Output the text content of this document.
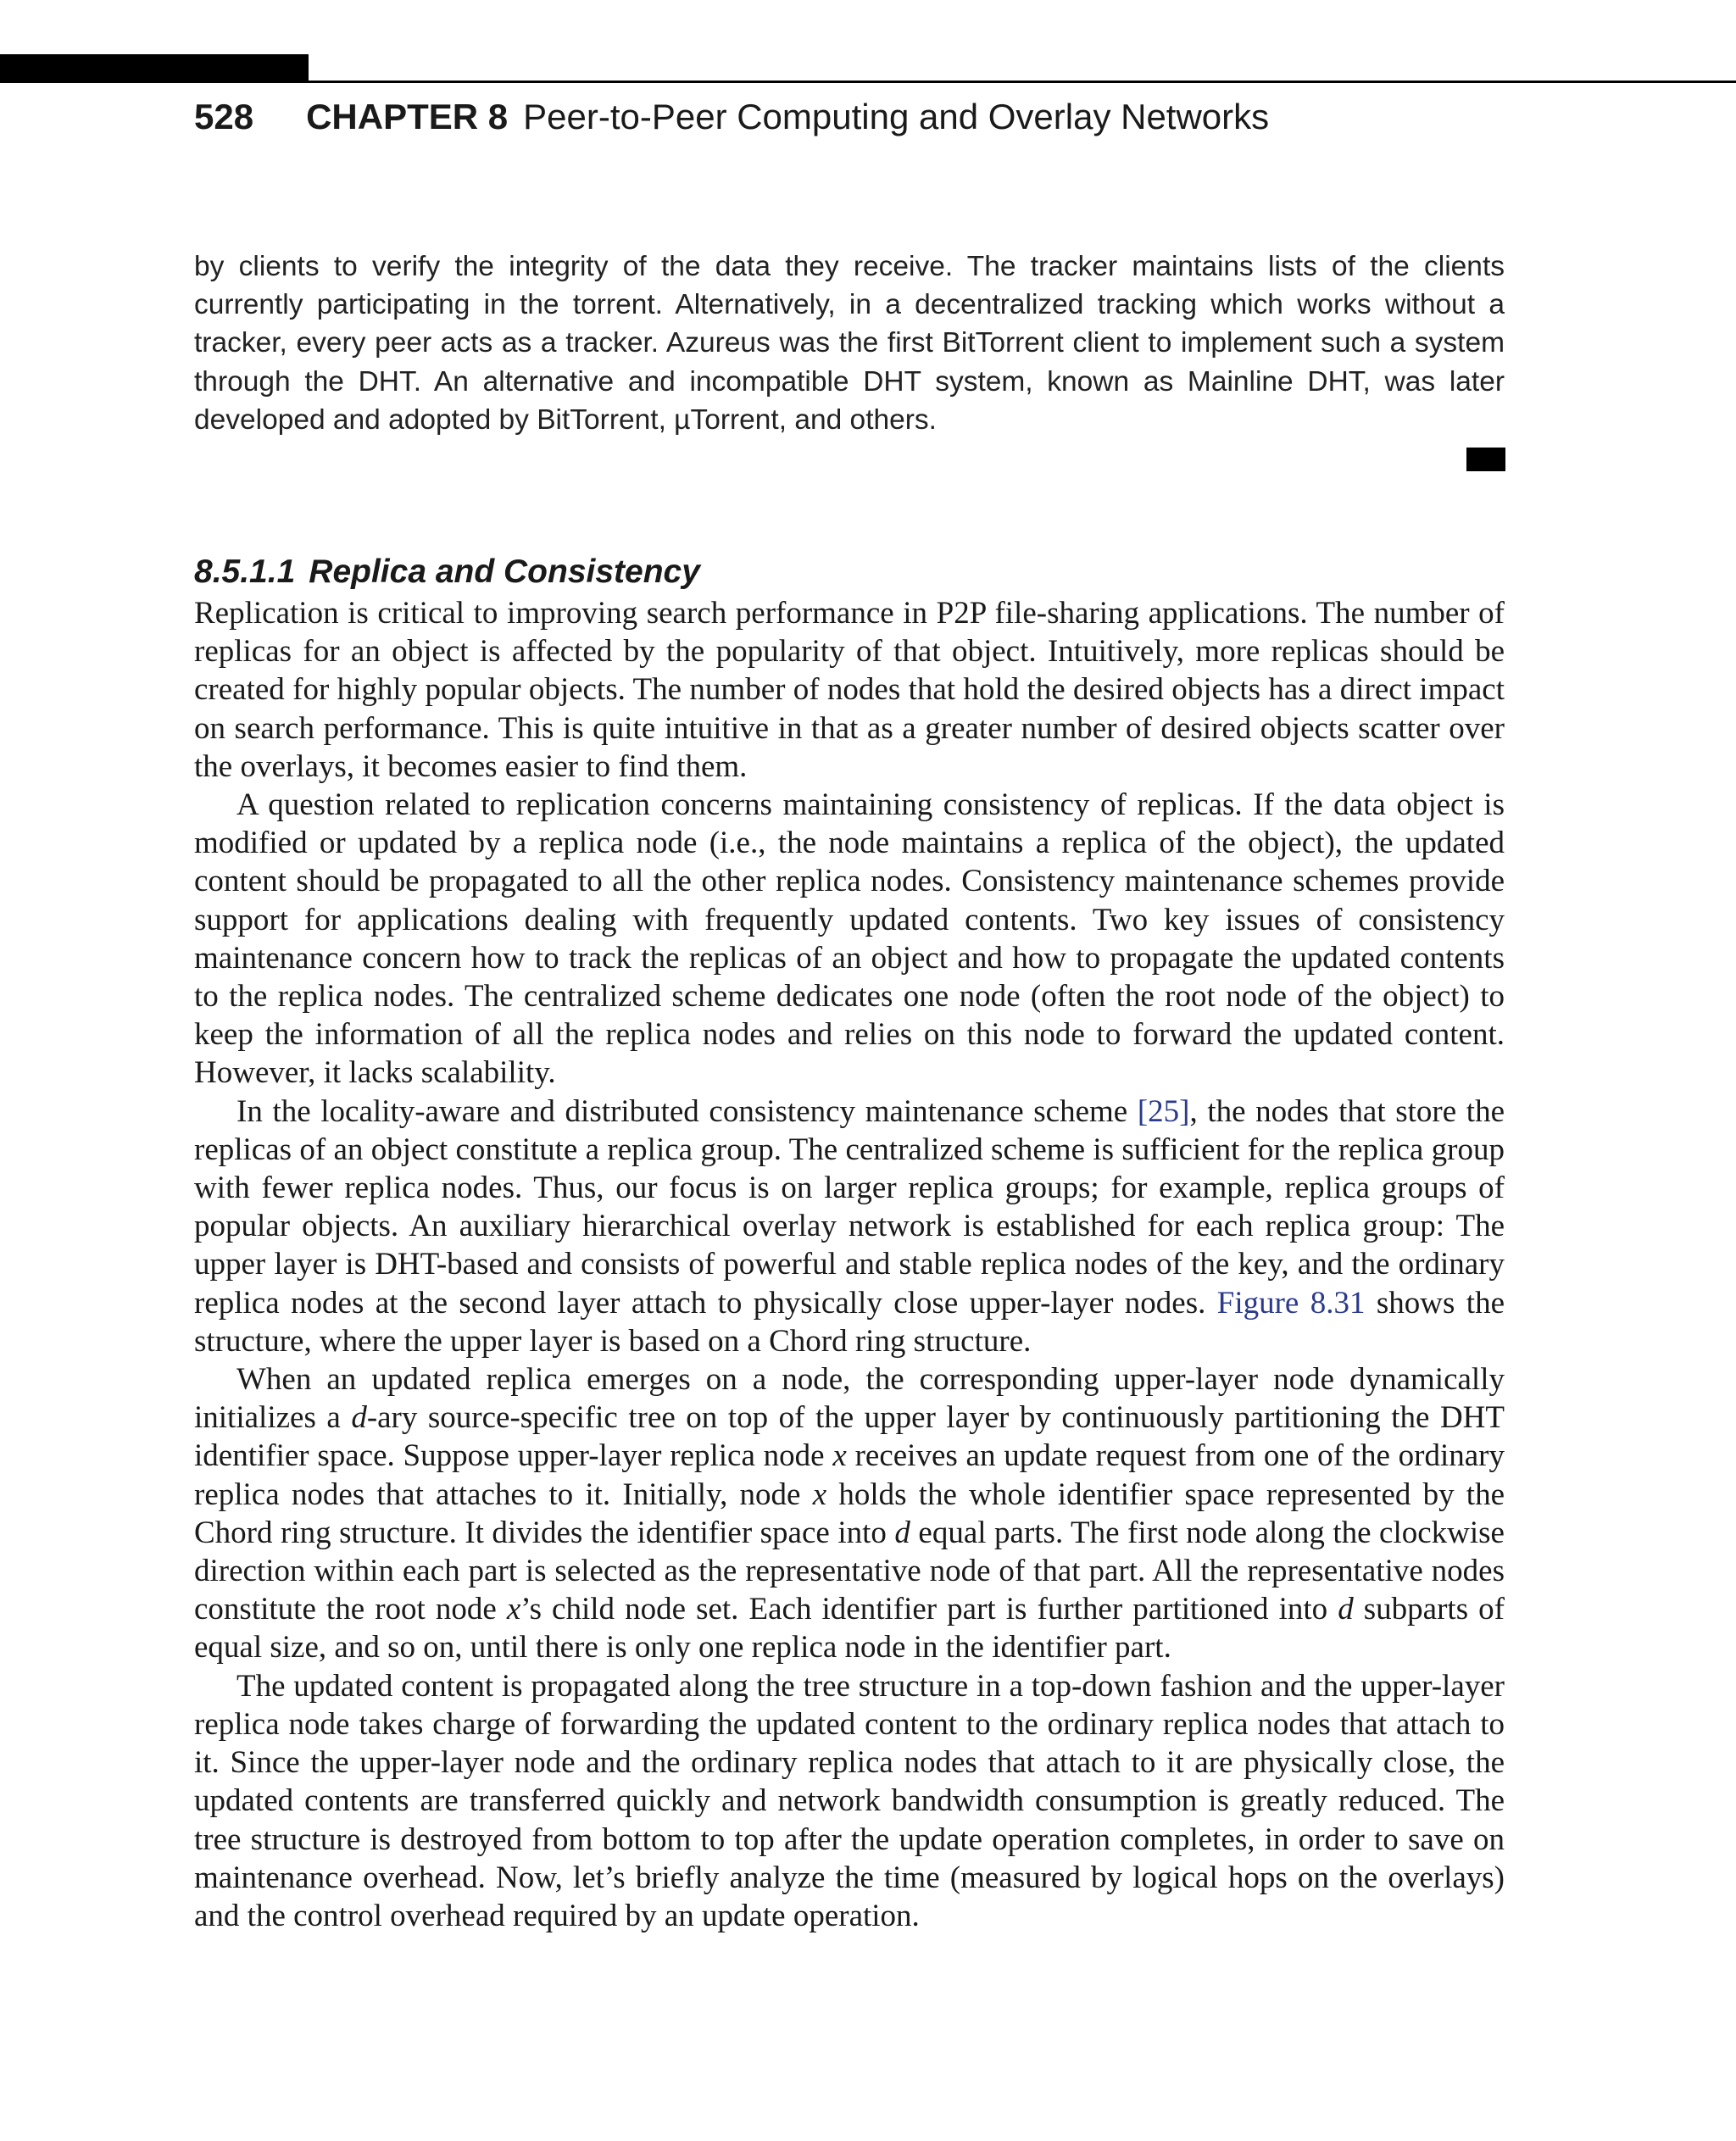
528 CHAPTER 8 Peer-to-Peer Computing and Overlay Networks
by clients to verify the integrity of the data they receive. The tracker maintains lists of the clients currently participating in the torrent. Alternatively, in a decentralized tracking which works without a tracker, every peer acts as a tracker. Azureus was the first BitTorrent client to implement such a system through the DHT. An alternative and incompatible DHT system, known as Mainline DHT, was later developed and adopted by BitTorrent, µTorrent, and others.
8.5.1.1 Replica and Consistency

Replication is critical to improving search performance in P2P file-sharing applications. The number of replicas for an object is affected by the popularity of that object. Intuitively, more replicas should be created for highly popular objects. The number of nodes that hold the desired objects has a direct impact on search performance. This is quite intuitive in that as a greater number of desired objects scatter over the overlays, it becomes easier to find them.

A question related to replication concerns maintaining consistency of replicas. If the data object is modified or updated by a replica node (i.e., the node maintains a replica of the object), the updated content should be propagated to all the other replica nodes. Consistency maintenance schemes provide support for applications dealing with frequently updated contents. Two key issues of consistency maintenance concern how to track the replicas of an object and how to propagate the updated contents to the replica nodes. The centralized scheme dedicates one node (often the root node of the object) to keep the information of all the replica nodes and relies on this node to forward the updated content. However, it lacks scalability.

In the locality-aware and distributed consistency maintenance scheme [25], the nodes that store the replicas of an object constitute a replica group. The centralized scheme is sufficient for the replica group with fewer replica nodes. Thus, our focus is on larger replica groups; for example, replica groups of popular objects. An auxiliary hierarchical overlay network is established for each replica group: The upper layer is DHT-based and consists of powerful and stable replica nodes of the key, and the ordinary replica nodes at the second layer attach to physically close upper-layer nodes. Figure 8.31 shows the structure, where the upper layer is based on a Chord ring structure.

When an updated replica emerges on a node, the corresponding upper-layer node dynamically initializes a d-ary source-specific tree on top of the upper layer by continuously partitioning the DHT identifier space. Suppose upper-layer replica node x receives an update request from one of the ordinary replica nodes that attaches to it. Initially, node x holds the whole identifier space represented by the Chord ring structure. It divides the identifier space into d equal parts. The first node along the clockwise direction within each part is selected as the representative node of that part. All the representative nodes constitute the root node x’s child node set. Each identifier part is further partitioned into d subparts of equal size, and so on, until there is only one replica node in the identifier part.

The updated content is propagated along the tree structure in a top-down fashion and the upper-layer replica node takes charge of forwarding the updated content to the ordinary replica nodes that attach to it. Since the upper-layer node and the ordinary replica nodes that attach to it are physically close, the updated contents are transferred quickly and network bandwidth consumption is greatly reduced. The tree structure is destroyed from bottom to top after the update operation completes, in order to save on maintenance overhead. Now, let’s briefly analyze the time (measured by logical hops on the overlays) and the control overhead required by an update operation.
